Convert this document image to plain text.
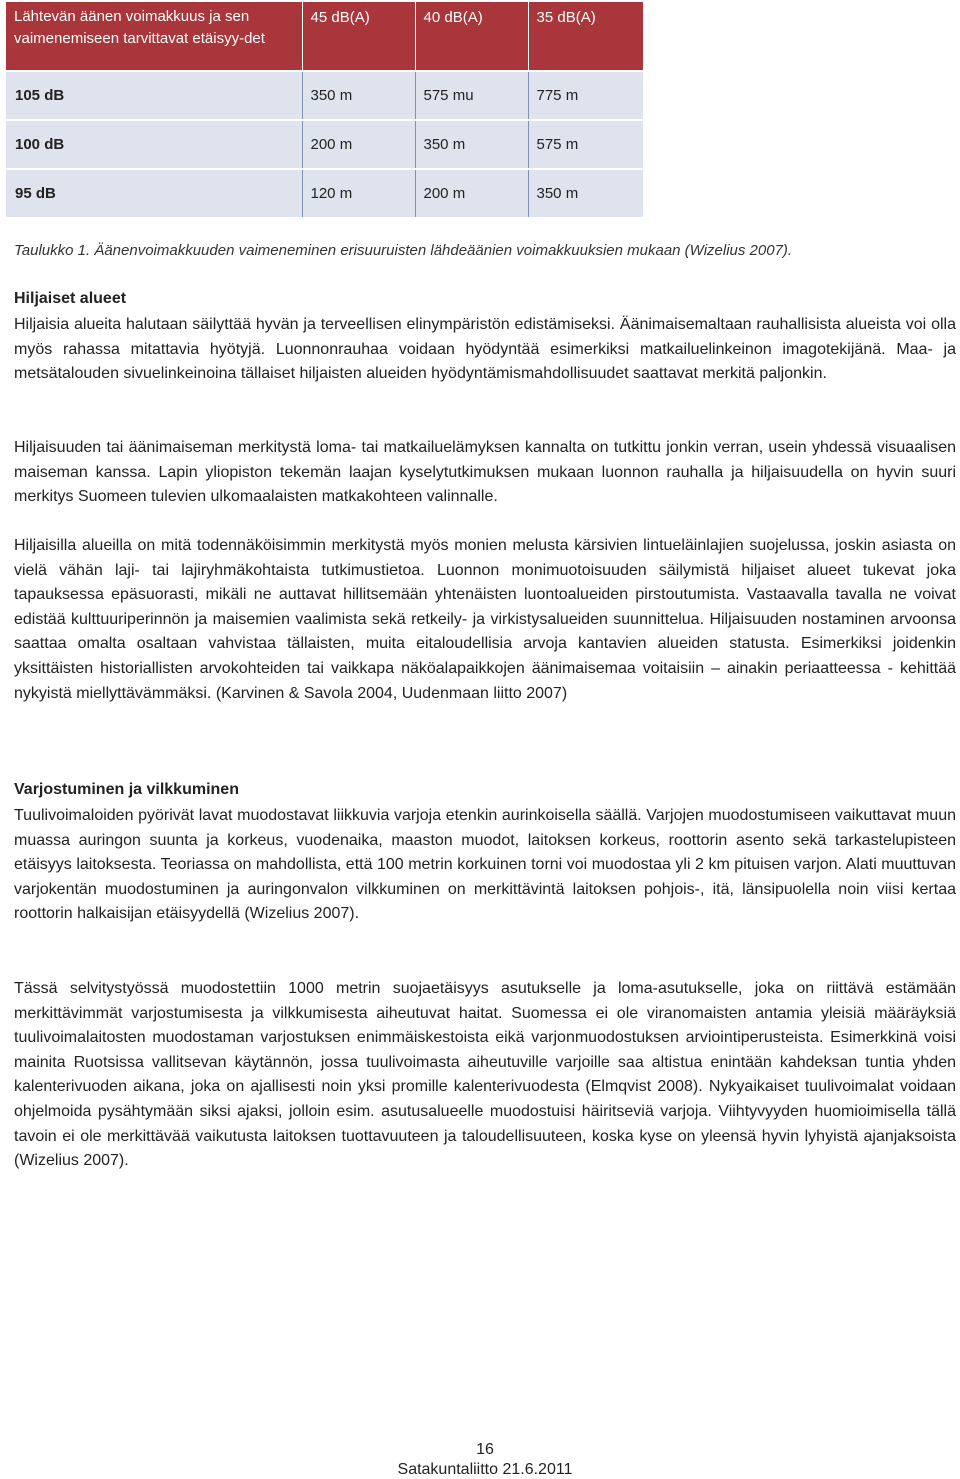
Lähtevän äänen voimakkuus ja sen vaimenemiseen tarvittavat etäisyy-det	45 dB(A)	40 dB(A)	35 dB(A)

105 dB	350 m	575 mu	775 m

100 dB	200 m	350 m	575 m

95 dB	120 m	200 m	350 m
Taulukko 1. Äänenvoimakkuuden vaimeneminen erisuuruisten lähdeäänien voimakkuuksien mukaan (Wizelius 2007).
Hiljaiset alueet

Hiljaisia alueita halutaan säilyttää hyvän ja terveellisen elinympäristön edistämiseksi. Äänimaisemaltaan rauhallisista alueista voi olla myös rahassa mitattavia hyötyjä. Luonnonrauhaa voidaan hyödyntää esimerkiksi matkailuelinkeinon imagotekijänä. Maa- ja metsätalouden sivuelinkeinoina tällaiset hiljaisten alueiden hyödyntämismahdollisuudet saattavat merkitä paljonkin.

Hiljaisuuden tai äänimaiseman merkitystä loma- tai matkailuelämyksen kannalta on tutkittu jonkin verran, usein yhdessä visuaalisen maiseman kanssa. Lapin yliopiston tekemän laajan kyselytutkimuksen mukaan luonnon rauhalla ja hiljaisuudella on hyvin suuri merkitys Suomeen tulevien ulkomaalaisten matkakohteen valinnalle.

Hiljaisilla alueilla on mitä todennäköisimmin merkitystä myös monien melusta kärsivien lintueläinlajien suojelussa, joskin asiasta on vielä vähän laji- tai lajiryhmäkohtaista tutkimustietoa. Luonnon monimuotoisuuden säilymistä hiljaiset alueet tukevat joka tapauksessa epäsuorasti, mikäli ne auttavat hillitsemään yhtenäisten luontoalueiden pirstoutumista. Vastaavalla tavalla ne voivat edistää kulttuuriperinnön ja maisemien vaalimista sekä retkeily- ja virkistysalueiden suunnittelua. Hiljaisuuden nostaminen arvoonsa saattaa omalta osaltaan vahvistaa tällaisten, muita eitaloudellisia arvoja kantavien alueiden statusta. Esimerkiksi joidenkin yksittäisten historiallisten arvokohteiden tai vaikkapa näköalapaikkojen äänimaisemaa voitaisiin – ainakin periaatteessa - kehittää nykyistä miellyttävämmäksi. (Karvinen & Savola 2004, Uudenmaan liitto 2007)

Varjostuminen ja vilkkuminen

Tuulivoimaloiden pyörivät lavat muodostavat liikkuvia varjoja etenkin aurinkoisella säällä. Varjojen muodostumiseen vaikuttavat muun muassa auringon suunta ja korkeus, vuodenaika, maaston muodot, laitoksen korkeus, roottorin asento sekä tarkastelupisteen etäisyys laitoksesta. Teoriassa on mahdollista, että 100 metrin korkuinen torni voi muodostaa yli 2 km pituisen varjon. Alati muuttuvan varjokentän muodostuminen ja auringonvalon vilkkuminen on merkittävintä laitoksen pohjois-, itä, länsipuolella noin viisi kertaa roottorin halkaisijan etäisyydellä (Wizelius 2007).

Tässä selvitystyössä muodostettiin 1000 metrin suojaetäisyys asutukselle ja loma-asutukselle, joka on riittävä estämään merkittävimmät varjostumisesta ja vilkkumisesta aiheutuvat haitat. Suomessa ei ole viranomaisten antamia yleisiä määräyksiä tuulivoimalaitosten muodostaman varjostuksen enimmäiskestoista eikä varjonmuodostuksen arviointiperusteista. Esimerkkinä voisi mainita Ruotsissa vallitsevan käytännön, jossa tuulivoimasta aiheutuville varjoille saa altistua enintään kahdeksan tuntia yhden kalenterivuoden aikana, joka on ajallisesti noin yksi promille kalenterivuodesta (Elmqvist 2008). Nykyaikaiset tuulivoimalat voidaan ohjelmoida pysähtymään siksi ajaksi, jolloin esim. asutusalueelle muodostuisi häiritseviä varjoja. Viihtyvyyden huomioimisella tällä tavoin ei ole merkittävää vaikutusta laitoksen tuottavuuteen ja taloudellisuuteen, koska kyse on yleensä hyvin lyhyistä ajanjaksoista (Wizelius 2007).

16
Satakuntaliitto 21.6.2011
